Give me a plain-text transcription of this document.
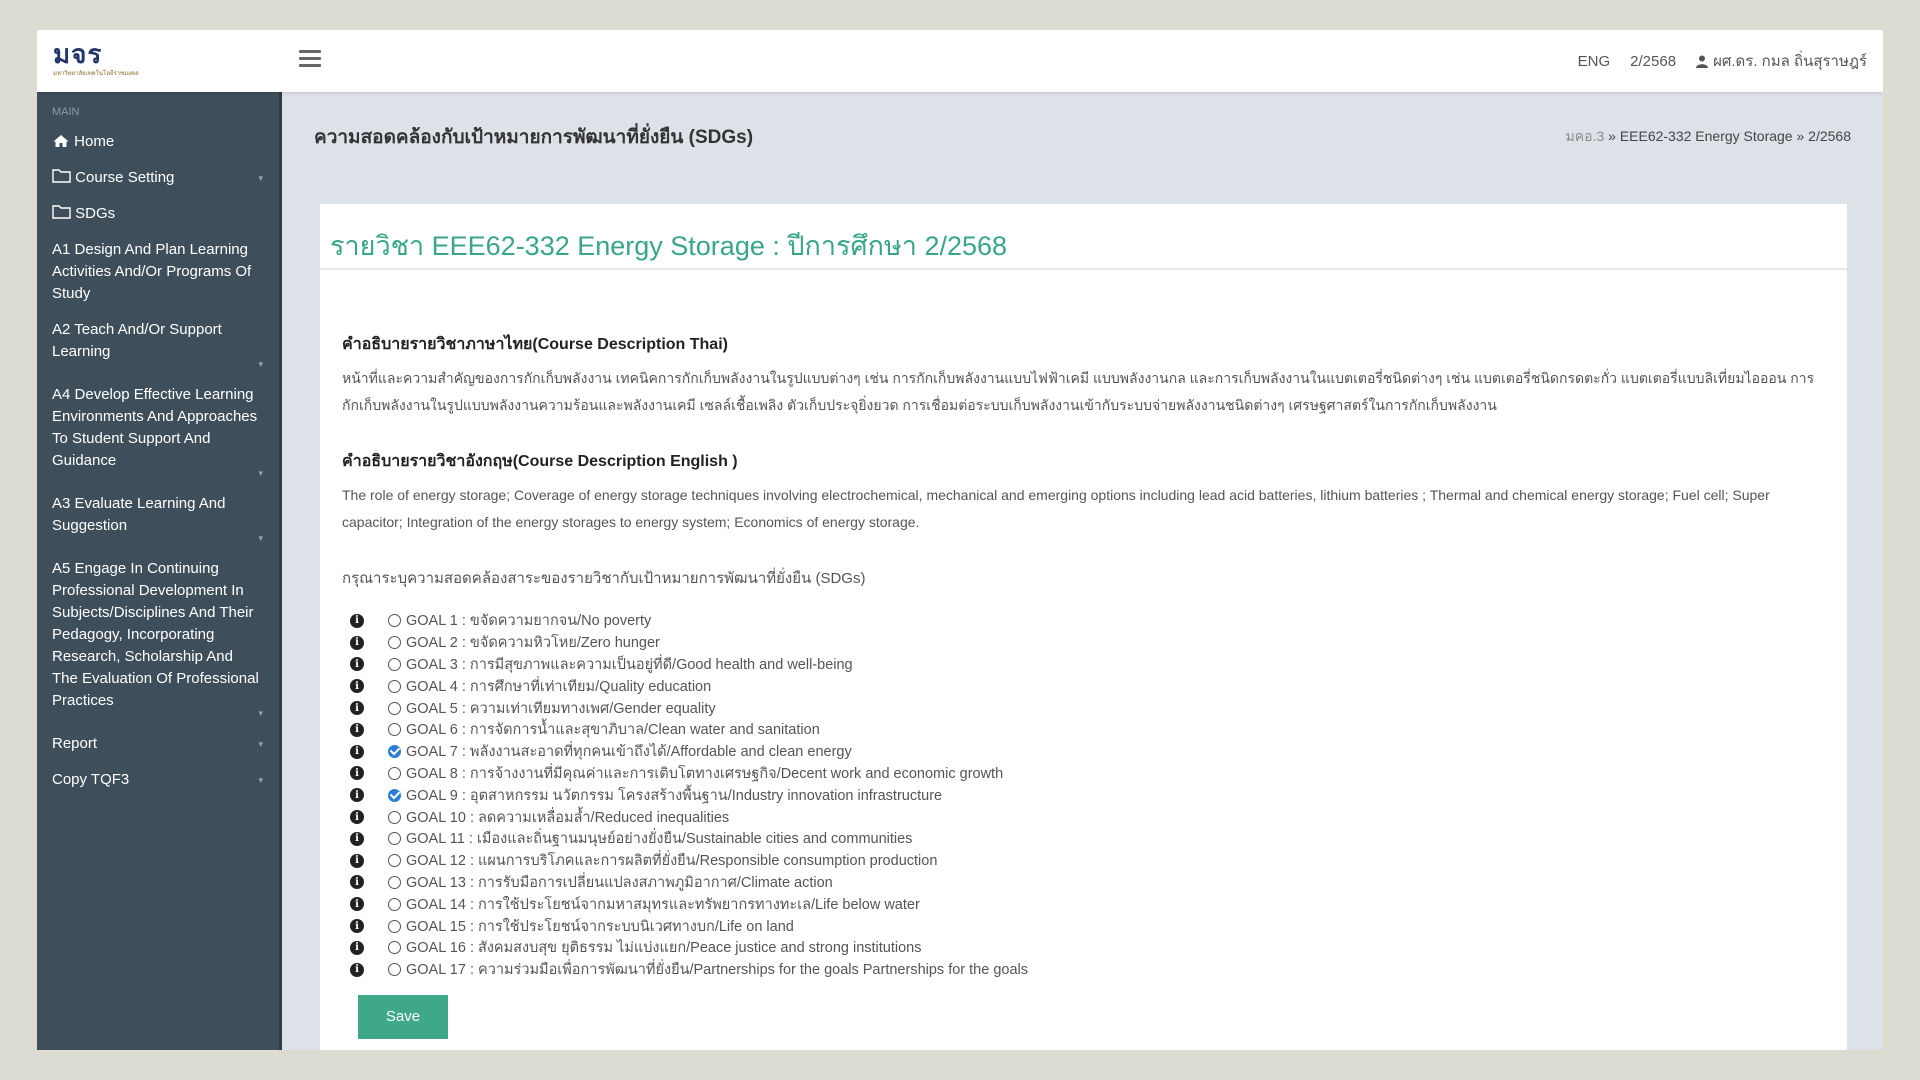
มจร
มหาวิทยาลัยเทคโนโลยีราชมงคล
ENG 2/2568 ผศ.ดร. กมล ถิ่นสุราษฎร์
MAIN
Home
Course Setting	▾
SDGs
A1 Design And Plan Learning Activities And/Or Programs Of Study
A2 Teach And/Or Support Learning
▾
A4 Develop Effective Learning Environments And Approaches To Student Support And Guidance
▾
A3 Evaluate Learning And Suggestion
▾
A5 Engage In Continuing Professional Development In Subjects/Disciplines And Their Pedagogy, Incorporating Research, Scholarship And The Evaluation Of Professional Practices
▾
Report	▾
Copy TQF3	▾
ความสอดคล้องกับเป้าหมายการพัฒนาที่ยั่งยืน (SDGs)	มคอ.3 » EEE62-332 Energy Storage » 2/2568
รายวิชา EEE62-332 Energy Storage : ปีการศึกษา 2/2568
คำอธิบายรายวิชาภาษาไทย(Course Description Thai)
หน้าที่และความสำคัญของการกักเก็บพลังงาน เทคนิคการกักเก็บพลังงานในรูปแบบต่างๆ เช่น การกักเก็บพลังงานแบบไฟฟ้าเคมี แบบพลังงานกล และการเก็บพลังงานในแบตเตอรี่ชนิดต่างๆ เช่น แบตเตอรี่ชนิดกรดตะกั่ว แบตเตอรี่แบบลิเที่ยมไอออน การกักเก็บพลังงานในรูปแบบพลังงานความร้อนและพลังงานเคมี เซลล์เชื้อเพลิง ตัวเก็บประจุยิ่งยวด การเชื่อมต่อระบบเก็บพลังงานเข้ากับระบบจ่ายพลังงานชนิดต่างๆ เศรษฐศาสตร์ในการกักเก็บพลังงาน
คำอธิบายรายวิชาอังกฤษ(Course Description English )
The role of energy storage; Coverage of energy storage techniques involving electrochemical, mechanical and emerging options including lead acid batteries, lithium batteries ; Thermal and chemical energy storage; Fuel cell; Super capacitor; Integration of the energy storages to energy system; Economics of energy storage.
กรุณาระบุความสอดคล้องสาระของรายวิชากับเป้าหมายการพัฒนาที่ยั่งยืน (SDGs)
i	GOAL 1 : ขจัดความยากจน/No poverty
i	GOAL 2 : ขจัดความหิวโหย/Zero hunger
i	GOAL 3 : การมีสุขภาพและความเป็นอยู่ที่ดี/Good health and well-being
i	GOAL 4 : การศึกษาที่เท่าเทียม/Quality education
i	GOAL 5 : ความเท่าเทียมทางเพศ/Gender equality
i	GOAL 6 : การจัดการน้ำและสุขาภิบาล/Clean water and sanitation
i	GOAL 7 : พลังงานสะอาดที่ทุกคนเข้าถึงได้/Affordable and clean energy
i	GOAL 8 : การจ้างงานที่มีคุณค่าและการเติบโตทางเศรษฐกิจ/Decent work and economic growth
i	GOAL 9 : อุตสาหกรรม นวัตกรรม โครงสร้างพื้นฐาน/Industry innovation infrastructure
i	GOAL 10 : ลดความเหลื่อมล้ำ/Reduced inequalities
i	GOAL 11 : เมืองและถิ่นฐานมนุษย์อย่างยั่งยืน/Sustainable cities and communities
i	GOAL 12 : แผนการบริโภคและการผลิตที่ยั่งยืน/Responsible consumption production
i	GOAL 13 : การรับมือการเปลี่ยนแปลงสภาพภูมิอากาศ/Climate action
i	GOAL 14 : การใช้ประโยชน์จากมหาสมุทรและทรัพยากรทางทะเล/Life below water
i	GOAL 15 : การใช้ประโยชน์จากระบบนิเวศทางบก/Life on land
i	GOAL 16 : สังคมสงบสุข ยุติธรรม ไม่แบ่งแยก/Peace justice and strong institutions
i	GOAL 17 : ความร่วมมือเพื่อการพัฒนาที่ยั่งยืน/Partnerships for the goals Partnerships for the goals
Save
